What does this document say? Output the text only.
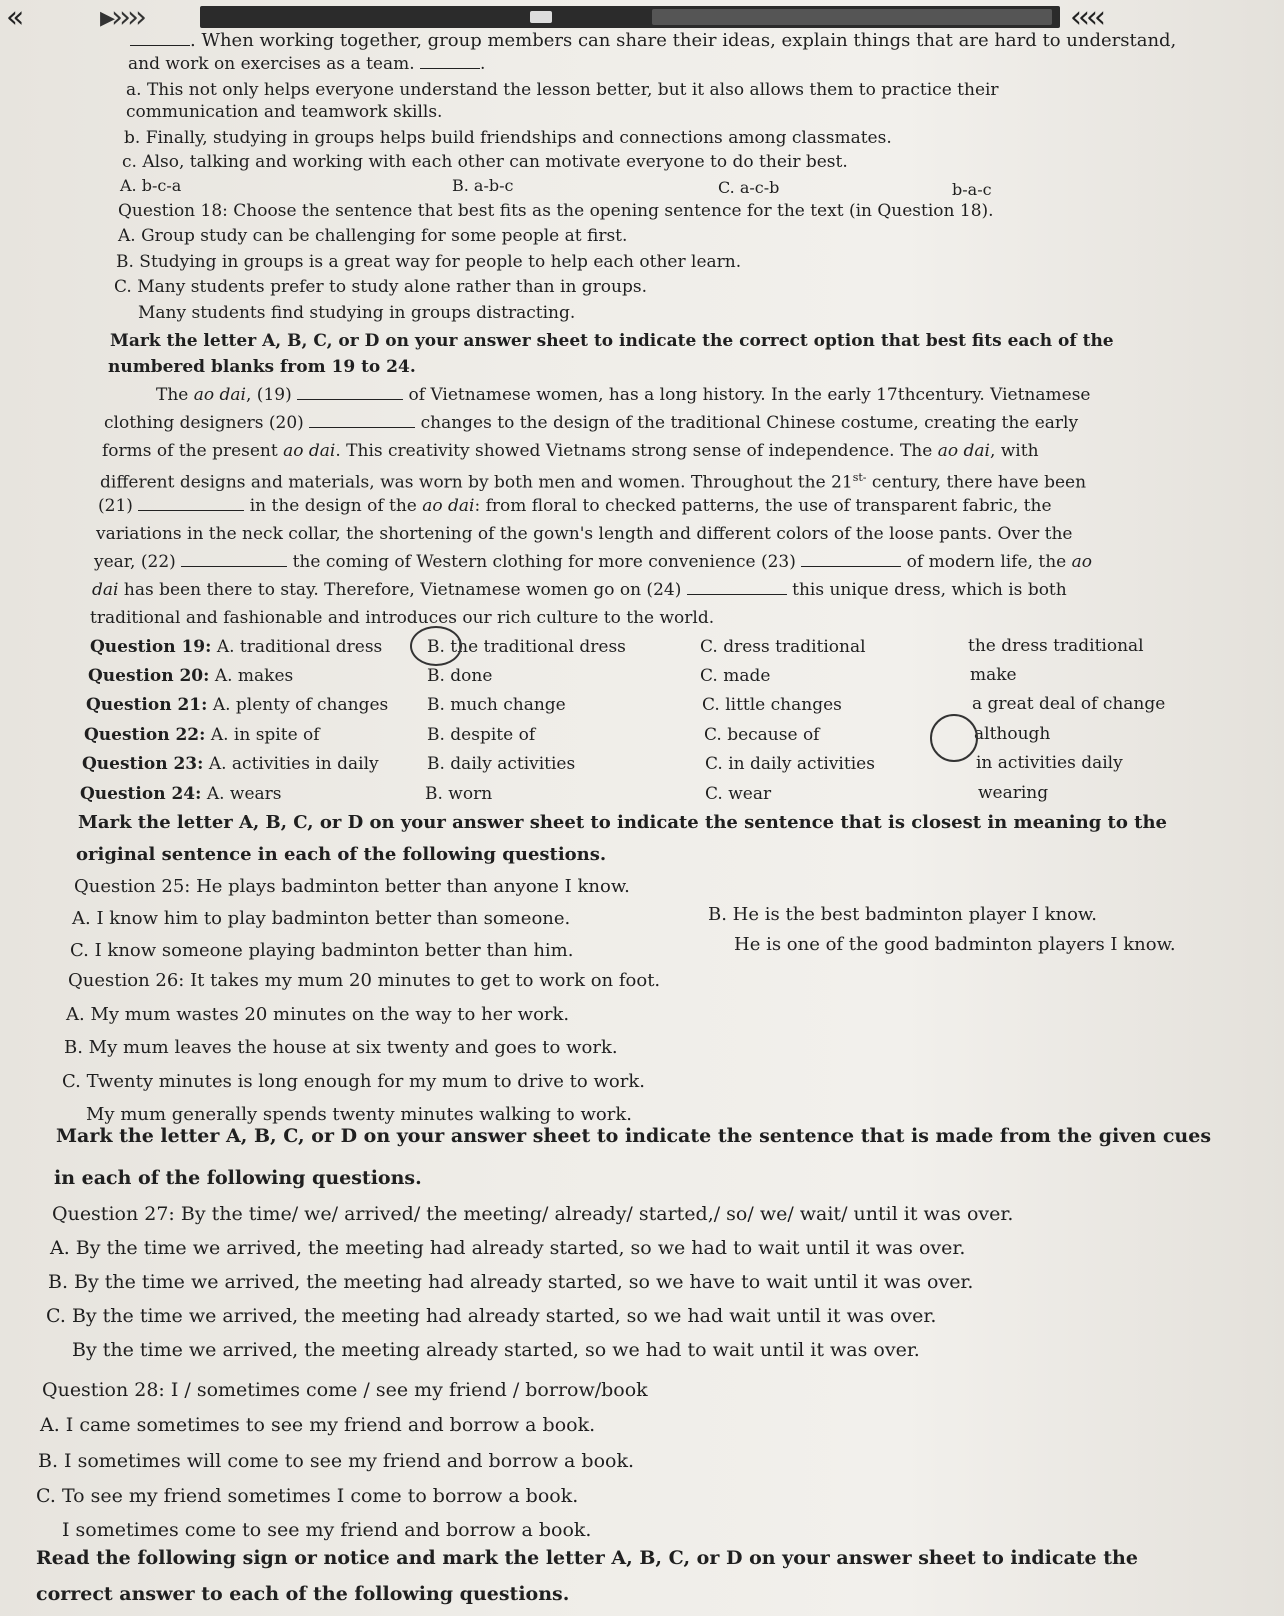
«	▸››››	‹‹‹‹
. When working together, group members can share their ideas, explain things that are hard to understand,
and work on exercises as a team.	.
a. This not only helps everyone understand the lesson better, but it also allows them to practice their
communication and teamwork skills.
b. Finally, studying in groups helps build friendships and connections among classmates.
c. Also, talking and working with each other can motivate everyone to do their best.
A. b-c-a	B. a-b-c	C. a-c-b	b-a-c
Question 18: Choose the sentence that best fits as the opening sentence for the text (in Question 18).
A. Group study can be challenging for some people at first.
B. Studying in groups is a great way for people to help each other learn.
C. Many students prefer to study alone rather than in groups.
Many students find studying in groups distracting.
Mark the letter A, B, C, or D on your answer sheet to indicate the correct option that best fits each of the
numbered blanks from 19 to 24.
The ao dai, (19)	of Vietnamese women, has a long history. In the early 17thcentury. Vietnamese
clothing designers (20)	changes to the design of the traditional Chinese costume, creating the early
forms of the present ao dai. This creativity showed Vietnams strong sense of independence. The ao dai, with
different designs and materials, was worn by both men and women. Throughout the $21^{st-}$ century, there have been
(21)	in the design of the ao dai: from floral to checked patterns, the use of transparent fabric, the
variations in the neck collar, the shortening of the gown's length and different colors of the loose pants. Over the
year, (22)	the coming of Western clothing for more convenience (23)	of modern life, the ao
dai has been there to stay. Therefore, Vietnamese women go on (24)	this unique dress, which is both
traditional and fashionable and introduces our rich culture to the world.
Question 19: A. traditional dress	B. the traditional dress	C. dress traditional	the dress traditional
Question 20: A. makes	B. done	C. made	make
Question 21: A. plenty of changes B. much change	C. little changes	a great deal of change
Question 22: A. in spite of	B. despite of	C. because of	although
Question 23: A. activities in daily	B. daily activities	C. in daily activities	in activities daily
Question 24: A. wears	B. worn	C. wear	wearing
Mark the letter A, B, C, or D on your answer sheet to indicate the sentence that is closest in meaning to the
original sentence in each of the following questions.
Question 25: He plays badminton better than anyone I know.
A. I know him to play badminton better than someone.	B. He is the best badminton player I know.
C. I know someone playing badminton better than him.	He is one of the good badminton players I know.
Question 26: It takes my mum 20 minutes to get to work on foot.
A. My mum wastes 20 minutes on the way to her work.
B. My mum leaves the house at six twenty and goes to work.
C. Twenty minutes is long enough for my mum to drive to work.
My mum generally spends twenty minutes walking to work.
Mark the letter A, B, C, or D on your answer sheet to indicate the sentence that is made from the given cues
in each of the following questions.
Question 27: By the time/ we/ arrived/ the meeting/ already/ started,/ so/ we/ wait/ until it was over.
A. By the time we arrived, the meeting had already started, so we had to wait until it was over.
B. By the time we arrived, the meeting had already started, so we have to wait until it was over.
C. By the time we arrived, the meeting had already started, so we had wait until it was over.
By the time we arrived, the meeting already started, so we had to wait until it was over.
Question 28: I / sometimes come / see my friend / borrow/book
A. I came sometimes to see my friend and borrow a book.
B. I sometimes will come to see my friend and borrow a book.
C. To see my friend sometimes I come to borrow a book.
I sometimes come to see my friend and borrow a book.
Read the following sign or notice and mark the letter A, B, C, or D on your answer sheet to indicate the
correct answer to each of the following questions.
